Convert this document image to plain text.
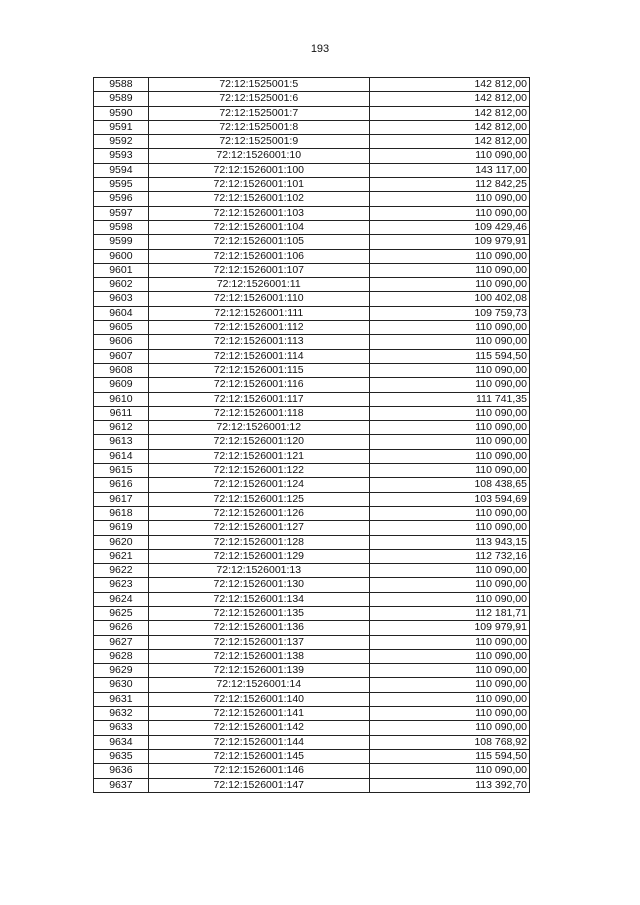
193
9588	72:12:1525001:5	142 812,00
9589	72:12:1525001:6	142 812,00
9590	72:12:1525001:7	142 812,00
9591	72:12:1525001:8	142 812,00
9592	72:12:1525001:9	142 812,00
9593	72:12:1526001:10	110 090,00
9594	72:12:1526001:100	143 117,00
9595	72:12:1526001:101	112 842,25
9596	72:12:1526001:102	110 090,00
9597	72:12:1526001:103	110 090,00
9598	72:12:1526001:104	109 429,46
9599	72:12:1526001:105	109 979,91
9600	72:12:1526001:106	110 090,00
9601	72:12:1526001:107	110 090,00
9602	72:12:1526001:11	110 090,00
9603	72:12:1526001:110	100 402,08
9604	72:12:1526001:111	109 759,73
9605	72:12:1526001:112	110 090,00
9606	72:12:1526001:113	110 090,00
9607	72:12:1526001:114	115 594,50
9608	72:12:1526001:115	110 090,00
9609	72:12:1526001:116	110 090,00
9610	72:12:1526001:117	111 741,35
9611	72:12:1526001:118	110 090,00
9612	72:12:1526001:12	110 090,00
9613	72:12:1526001:120	110 090,00
9614	72:12:1526001:121	110 090,00
9615	72:12:1526001:122	110 090,00
9616	72:12:1526001:124	108 438,65
9617	72:12:1526001:125	103 594,69
9618	72:12:1526001:126	110 090,00
9619	72:12:1526001:127	110 090,00
9620	72:12:1526001:128	113 943,15
9621	72:12:1526001:129	112 732,16
9622	72:12:1526001:13	110 090,00
9623	72:12:1526001:130	110 090,00
9624	72:12:1526001:134	110 090,00
9625	72:12:1526001:135	112 181,71
9626	72:12:1526001:136	109 979,91
9627	72:12:1526001:137	110 090,00
9628	72:12:1526001:138	110 090,00
9629	72:12:1526001:139	110 090,00
9630	72:12:1526001:14	110 090,00
9631	72:12:1526001:140	110 090,00
9632	72:12:1526001:141	110 090,00
9633	72:12:1526001:142	110 090,00
9634	72:12:1526001:144	108 768,92
9635	72:12:1526001:145	115 594,50
9636	72:12:1526001:146	110 090,00
9637	72:12:1526001:147	113 392,70
